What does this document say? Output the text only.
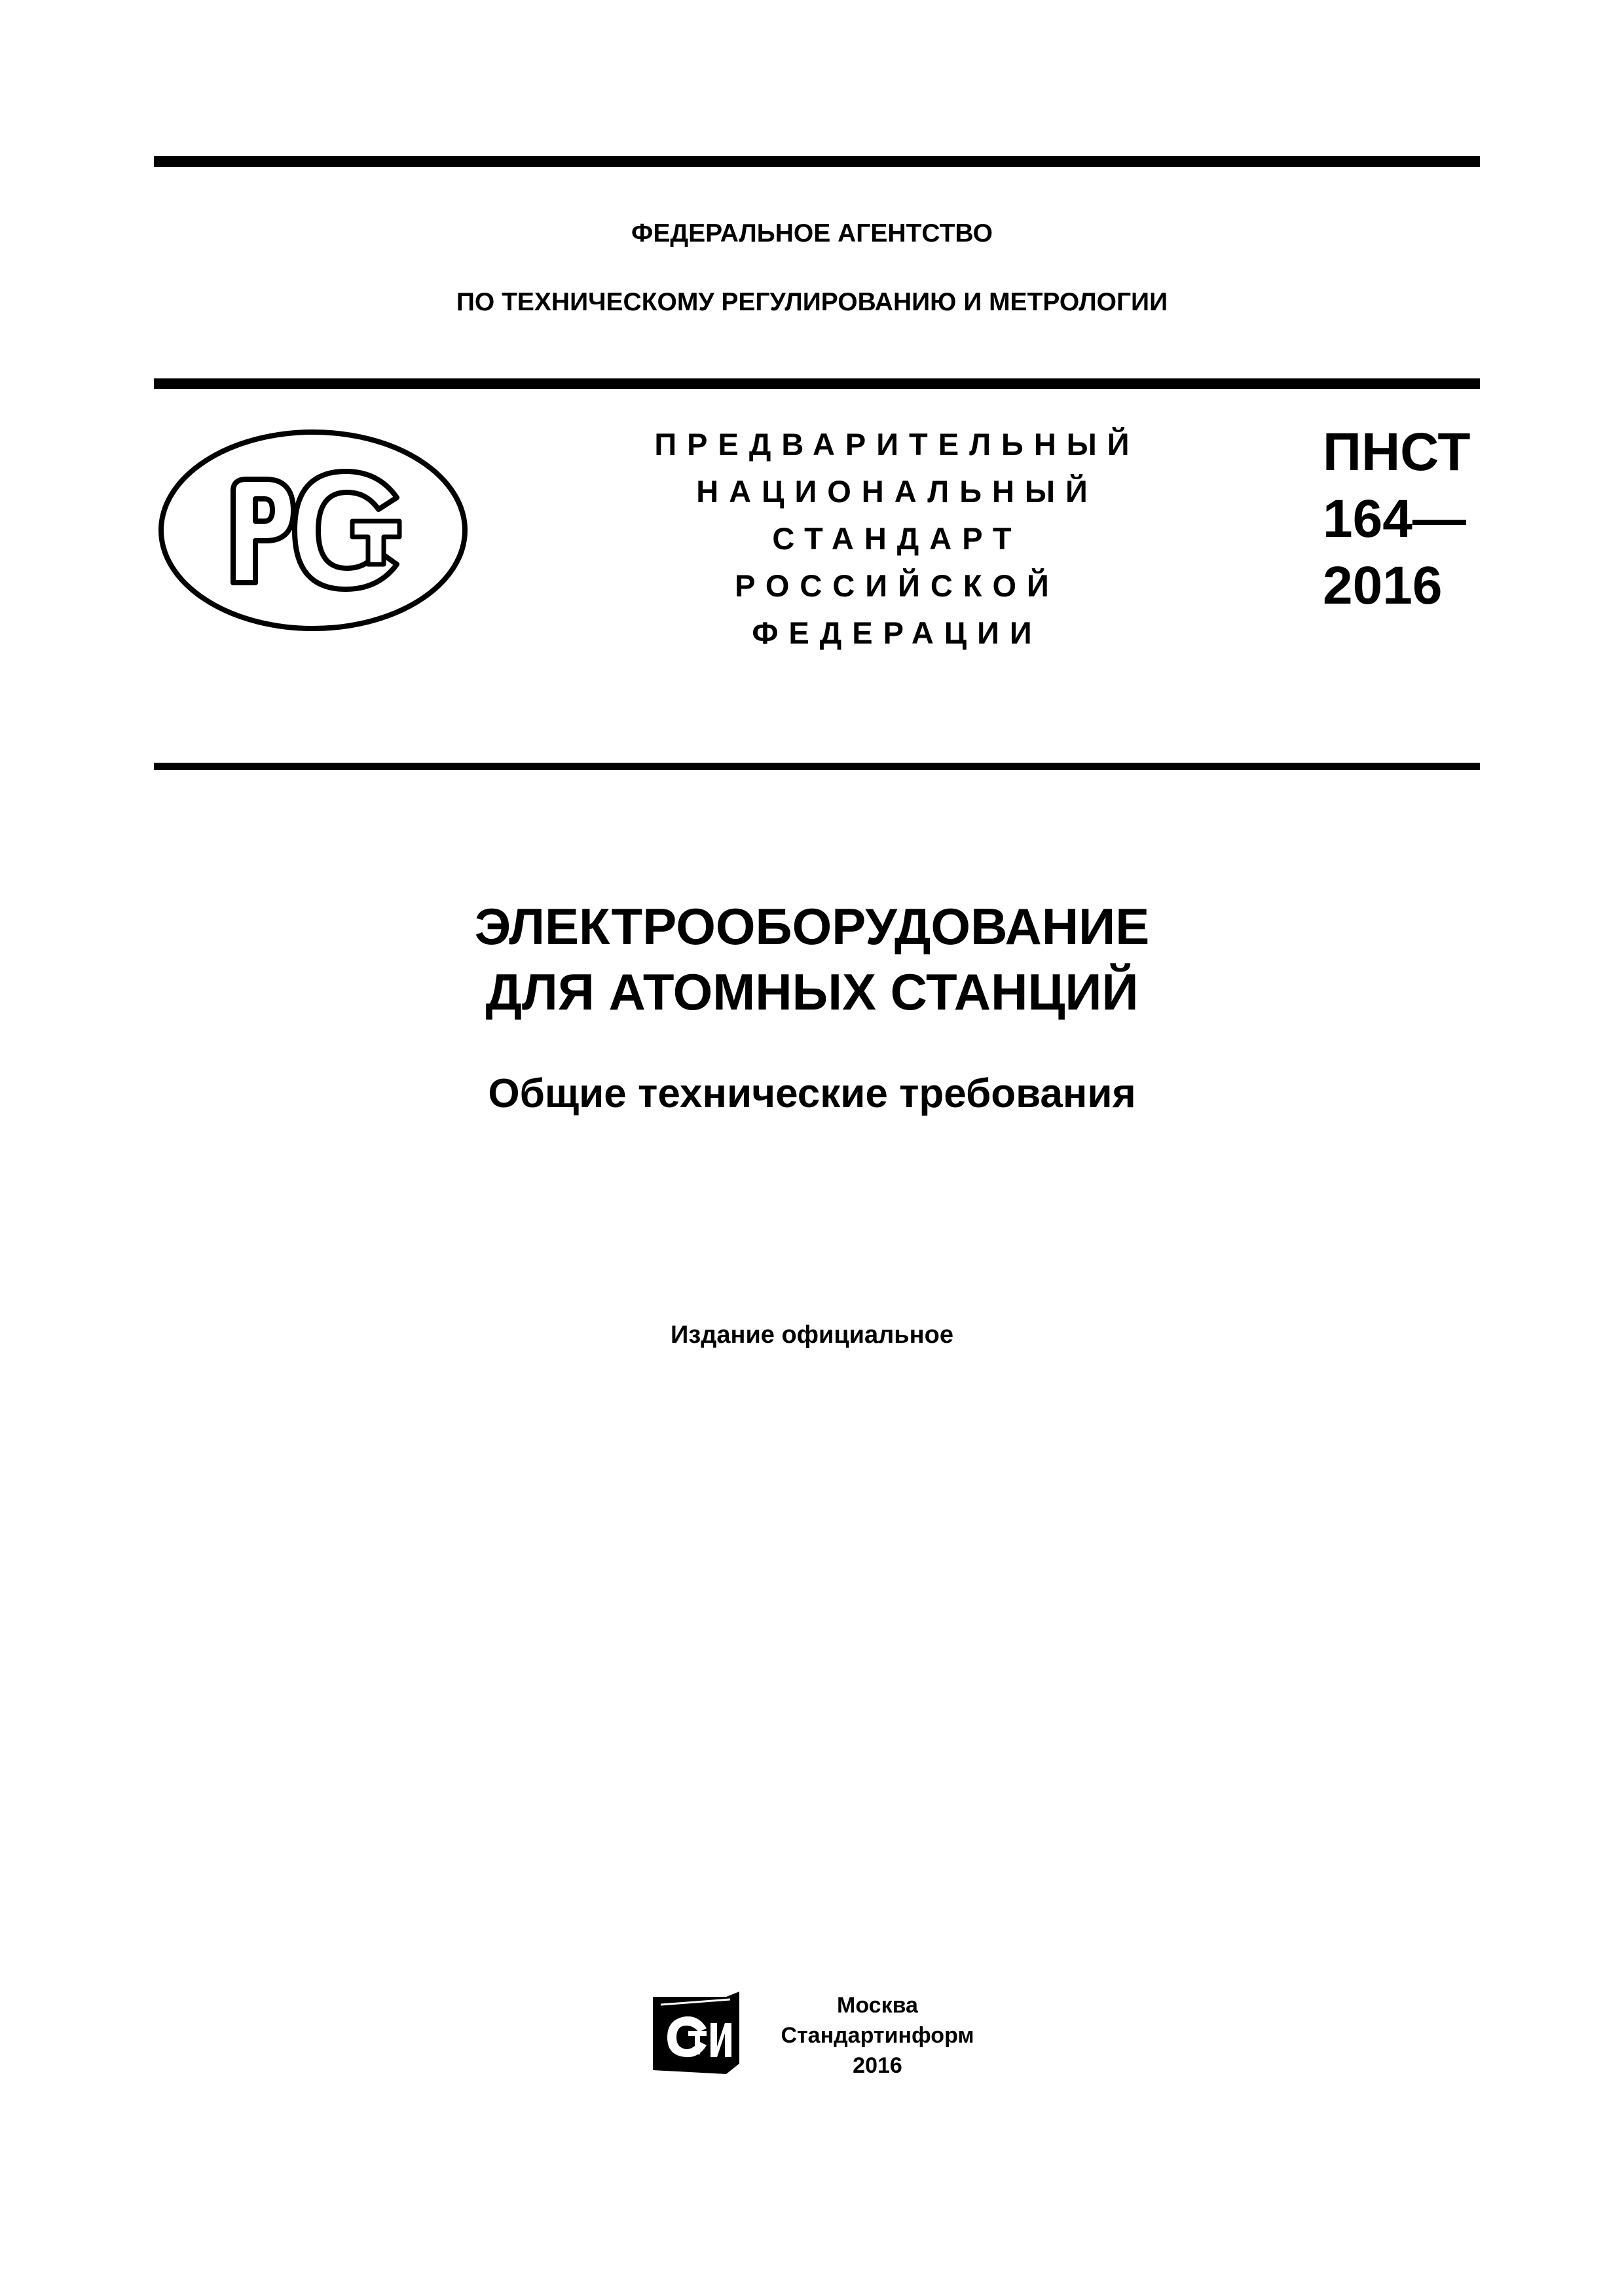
ФЕДЕРАЛЬНОЕ АГЕНТСТВО
ПО ТЕХНИЧЕСКОМУ РЕГУЛИРОВАНИЮ И МЕТРОЛОГИИ
ПРЕДВАРИТЕЛЬНЫЙ
НАЦИОНАЛЬНЫЙ
СТАНДАРТ
РОССИЙСКОЙ
ФЕДЕРАЦИИ
ПНСТ
164—
2016
ЭЛЕКТРООБОРУДОВАНИЕ
ДЛЯ АТОМНЫХ СТАНЦИЙ
Общие технические требования
Издание официальное
Москва
Стандартинформ
2016
